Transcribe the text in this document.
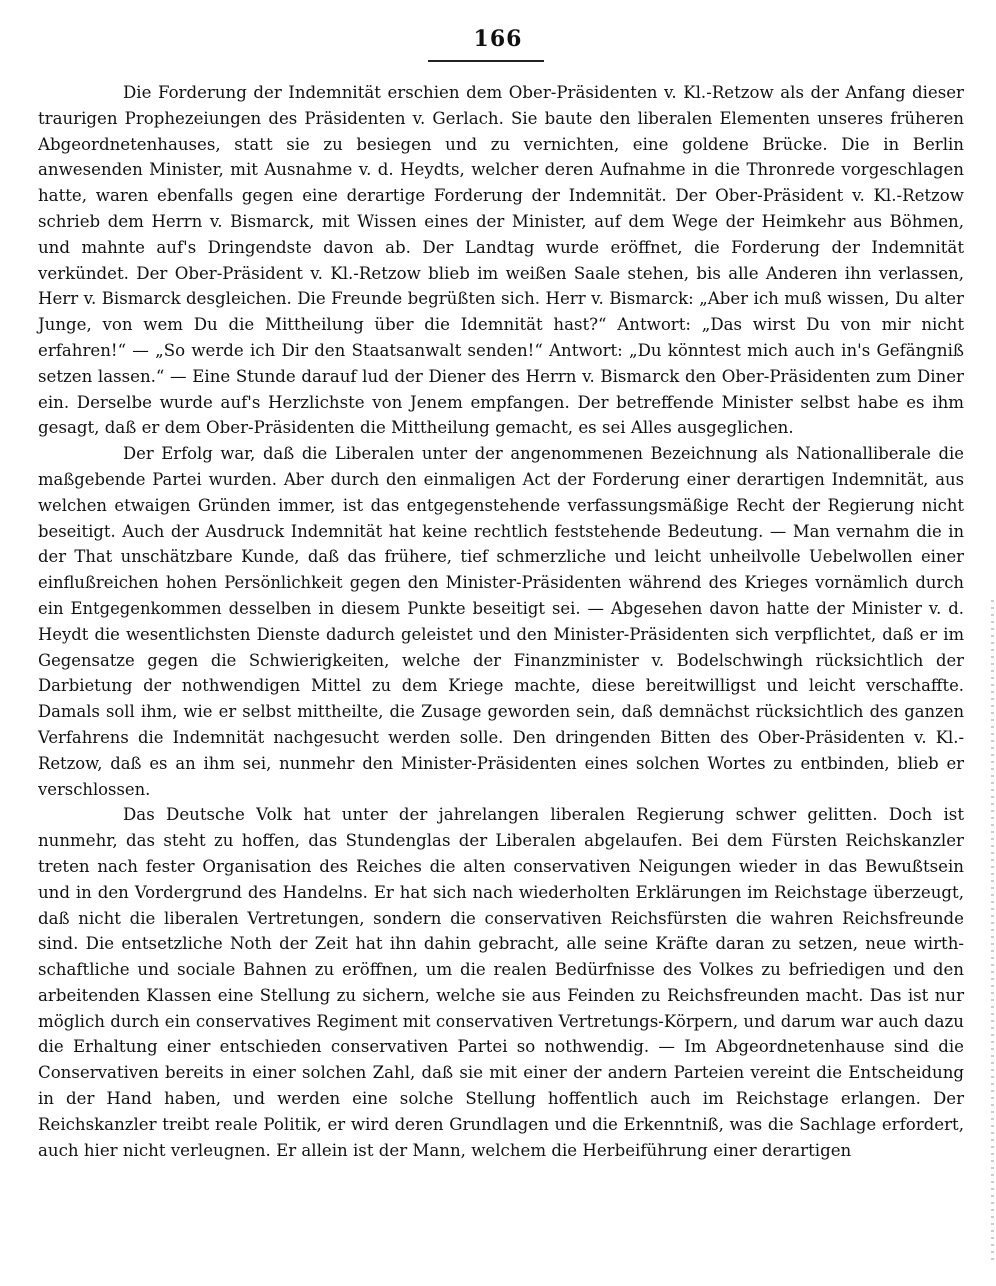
166

Die Forderung der Indemnität erschien dem Ober-Präsidenten v. Kl.-Retzow als der Anfang dieser traurigen Prophezeiungen des Präsidenten v. Gerlach. Sie baute den liberalen Elementen unseres früheren Abgeordnetenhauses, statt sie zu besiegen und zu vernichten, eine goldene Brücke. Die in Berlin anwesenden Minister, mit Ausnahme v. d. Heydts, welcher deren Aufnahme in die Thronrede vorgeschlagen hatte, waren ebenfalls gegen eine derartige Forderung der Indemnität. Der Ober-Präsident v. Kl.-Retzow schrieb dem Herrn v. Bismarck, mit Wissen eines der Minister, auf dem Wege der Heimkehr aus Böhmen, und mahnte auf's Dringendste davon ab. Der Landtag wurde eröffnet, die Forderung der Indemnität verkündet. Der Ober-Präsident v. Kl.-Retzow blieb im weißen Saale stehen, bis alle Anderen ihn verlassen, Herr v. Bismarck desgleichen. Die Freunde begrüßten sich. Herr v. Bismarck: „Aber ich muß wissen, Du alter Junge, von wem Du die Mittheilung über die Idemnität hast?“ Antwort: „Das wirst Du von mir nicht erfahren!“ — „So werde ich Dir den Staatsanwalt senden!“ Antwort: „Du könntest mich auch in's Gefängniß setzen lassen.“ — Eine Stunde darauf lud der Diener des Herrn v. Bismarck den Ober-Präsidenten zum Diner ein. Derselbe wurde auf's Herzlichste von Jenem empfangen. Der betreffende Minister selbst habe es ihm gesagt, daß er dem Ober-Präsidenten die Mittheilung gemacht, es sei Alles ausgeglichen.

Der Erfolg war, daß die Liberalen unter der angenommenen Bezeichnung als Nationalliberale die maßgebende Partei wurden. Aber durch den einmaligen Act der Forderung einer derartigen Indemnität, aus welchen etwaigen Gründen immer, ist das entgegenstehende verfassungsmäßige Recht der Regierung nicht beseitigt. Auch der Ausdruck Indemnität hat keine rechtlich feststehende Bedeutung. — Man vernahm die in der That unschätzbare Kunde, daß das frühere, tief schmerzliche und leicht unheilvolle Uebelwollen einer einflußreichen hohen Persönlichkeit gegen den Minister-Präsidenten während des Krieges vornämlich durch ein Entgegenkommen desselben in diesem Punkte beseitigt sei. — Abgesehen davon hatte der Minister v. d. Heydt die wesentlichsten Dienste dadurch geleistet und den Minister-Präsidenten sich verpflichtet, daß er im Gegensatze gegen die Schwierigkeiten, welche der Finanzminister v. Bodelschwingh rücksichtlich der Darbietung der nothwendigen Mittel zu dem Kriege machte, diese bereitwilligst und leicht verschaffte. Damals soll ihm, wie er selbst mittheilte, die Zusage geworden sein, daß demnächst rücksichtlich des ganzen Verfahrens die Indemnität nachgesucht werden solle. Den dringenden Bitten des Ober-Präsidenten v. Kl.-Retzow, daß es an ihm sei, nunmehr den Minister-Präsidenten eines solchen Wortes zu entbinden, blieb er verschlossen.

Das Deutsche Volk hat unter der jahrelangen liberalen Regierung schwer gelitten. Doch ist nunmehr, das steht zu hoffen, das Stundenglas der Liberalen abgelaufen. Bei dem Fürsten Reichskanzler treten nach fester Organisation des Reiches die alten conservativen Neigungen wieder in das Bewußtsein und in den Vordergrund des Handelns. Er hat sich nach wiederholten Erklärungen im Reichstage überzeugt, daß nicht die liberalen Vertretungen, sondern die conservativen Reichsfürsten die wahren Reichsfreunde sind. Die entsetzliche Noth der Zeit hat ihn dahin gebracht, alle seine Kräfte daran zu setzen, neue wirthschaftliche und sociale Bahnen zu eröffnen, um die realen Bedürfnisse des Volkes zu befriedigen und den arbeitenden Klassen eine Stellung zu sichern, welche sie aus Feinden zu Reichsfreunden macht. Das ist nur möglich durch ein conservatives Regiment mit conservativen Vertretungs-Körpern, und darum war auch dazu die Erhaltung einer entschieden conservativen Partei so nothwendig. — Im Abgeordnetenhause sind die Conservativen bereits in einer solchen Zahl, daß sie mit einer der andern Parteien vereint die Entscheidung in der Hand haben, und werden eine solche Stellung hoffentlich auch im Reichstage erlangen. Der Reichskanzler treibt reale Politik, er wird deren Grundlagen und die Erkenntniß, was die Sachlage erfordert, auch hier nicht verleugnen. Er allein ist der Mann, welchem die Herbeiführung einer derartigen
